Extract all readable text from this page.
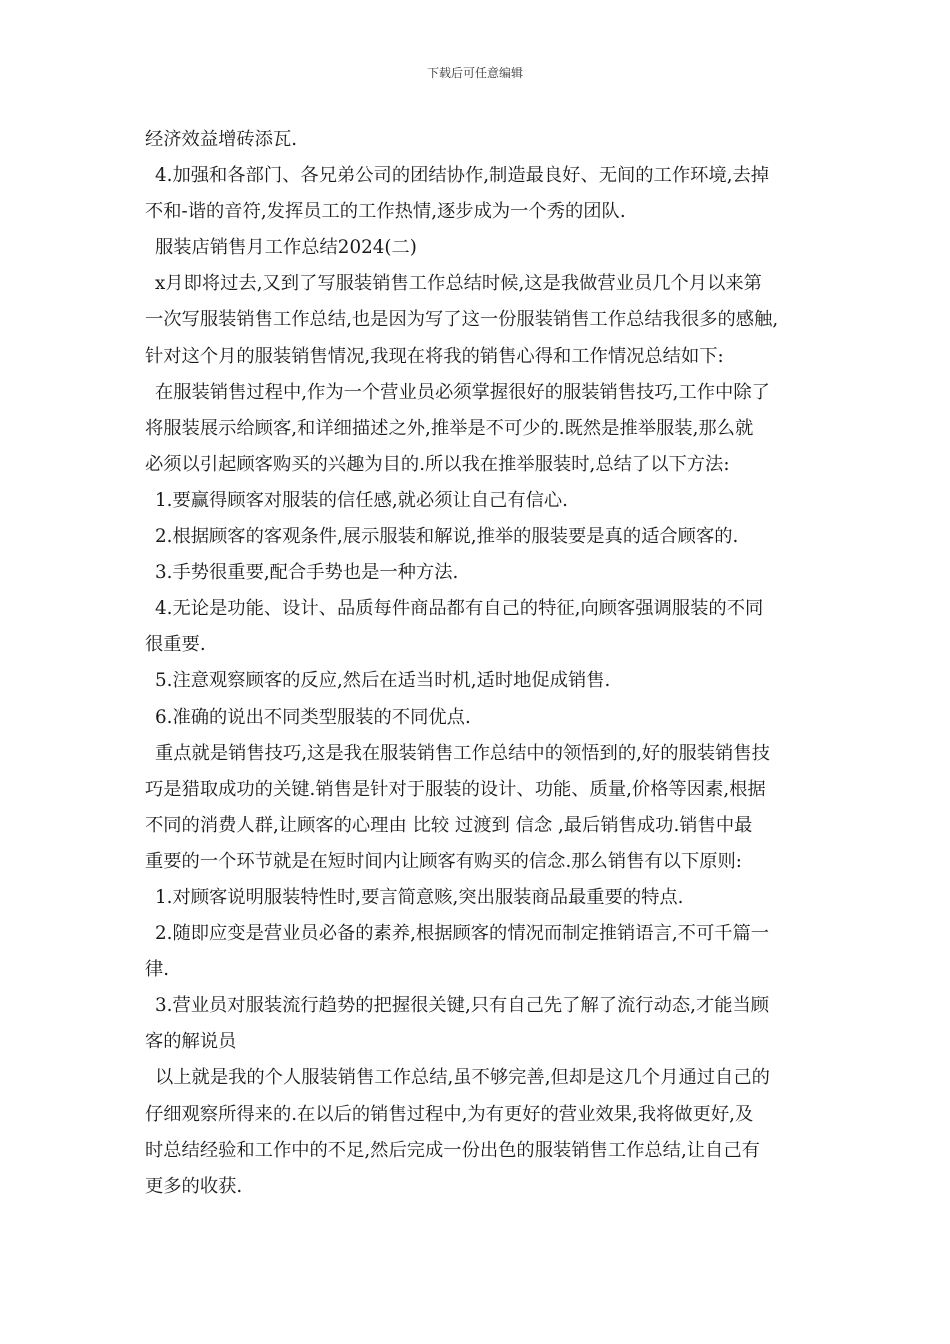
下载后可任意编辑
经济效益增砖添瓦.
4.加强和各部门、各兄弟公司的团结协作,制造最良好、无间的工作环境,去掉
不和-谐的音符,发挥员工的工作热情,逐步成为一个秀的团队.
服装店销售月工作总结2024(二)
x月即将过去,又到了写服装销售工作总结时候,这是我做营业员几个月以来第
一次写服装销售工作总结,也是因为写了这一份服装销售工作总结我很多的感触,
针对这个月的服装销售情况,我现在将我的销售心得和工作情况总结如下:
在服装销售过程中,作为一个营业员必须掌握很好的服装销售技巧,工作中除了
将服装展示给顾客,和详细描述之外,推举是不可少的.既然是推举服装,那么就
必须以引起顾客购买的兴趣为目的.所以我在推举服装时,总结了以下方法:
1.要赢得顾客对服装的信任感,就必须让自己有信心.
2.根据顾客的客观条件,展示服装和解说,推举的服装要是真的适合顾客的.
3.手势很重要,配合手势也是一种方法.
4.无论是功能、设计、品质每件商品都有自己的特征,向顾客强调服装的不同
很重要.
5.注意观察顾客的反应,然后在适当时机,适时地促成销售.
6.准确的说出不同类型服装的不同优点.
重点就是销售技巧,这是我在服装销售工作总结中的领悟到的,好的服装销售技
巧是猎取成功的关键.销售是针对于服装的设计、功能、质量,价格等因素,根据
不同的消费人群,让顾客的心理由 比较 过渡到 信念 ,最后销售成功.销售中最
重要的一个环节就是在短时间内让顾客有购买的信念.那么销售有以下原则:
1.对顾客说明服装特性时,要言简意赅,突出服装商品最重要的特点.
2.随即应变是营业员必备的素养,根据顾客的情况而制定推销语言,不可千篇一
律.
3.营业员对服装流行趋势的把握很关键,只有自己先了解了流行动态,才能当顾
客的解说员
以上就是我的个人服装销售工作总结,虽不够完善,但却是这几个月通过自己的
仔细观察所得来的.在以后的销售过程中,为有更好的营业效果,我将做更好,及
时总结经验和工作中的不足,然后完成一份出色的服装销售工作总结,让自己有
更多的收获.
